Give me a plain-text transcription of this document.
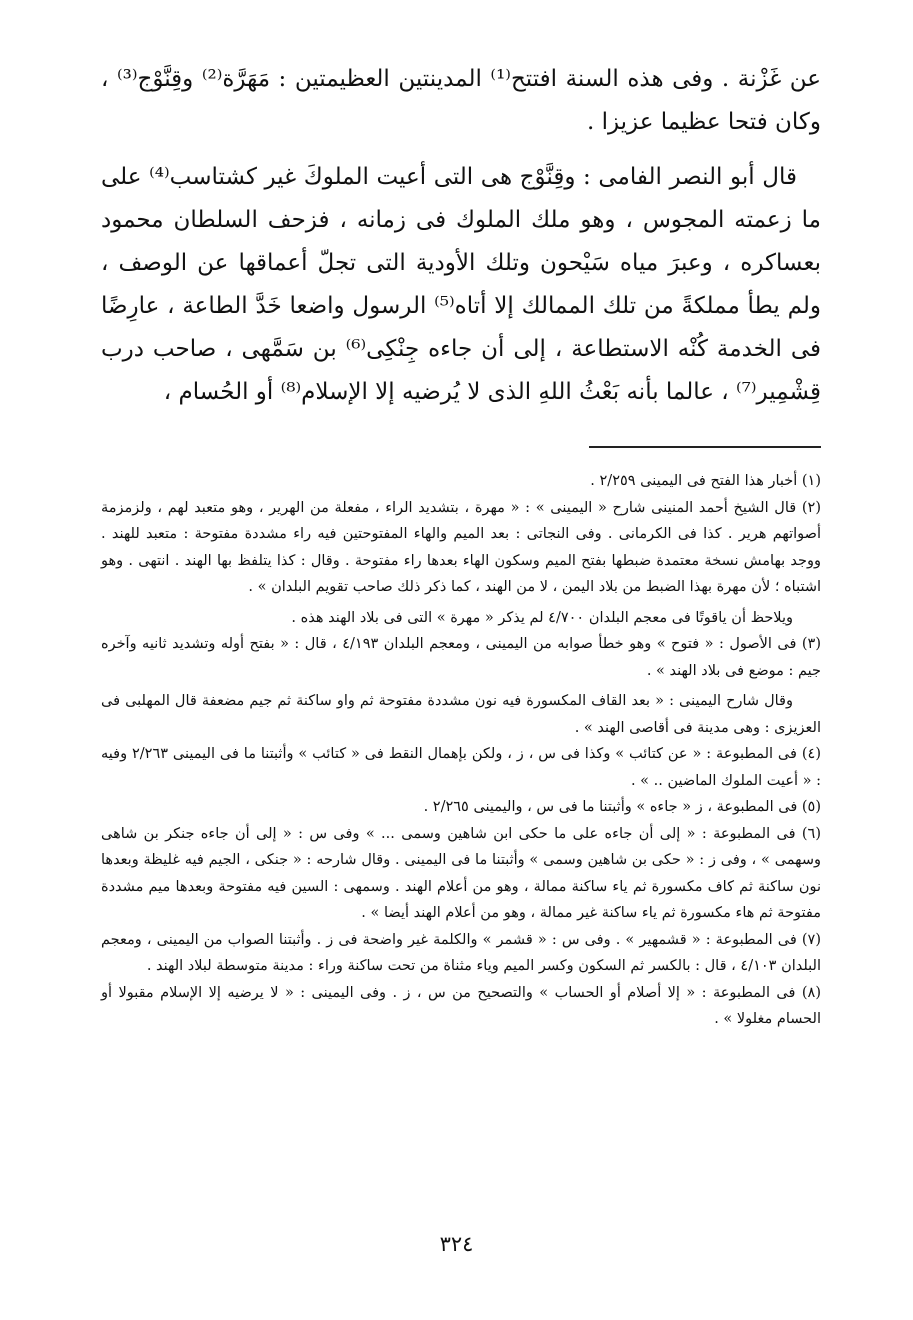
عن غَزْنة . وفى هذه السنة افتتح⁽¹⁾ المدينتين العظيمتين : مَهَرَّة⁽²⁾ وقِنَّوْج⁽³⁾ ، وكان فتحا عظيما عزيزا .

قال أبو النصر الفامى : وقِنَّوْج هى التى أعيت الملوكَ غير كشتاسب⁽⁴⁾ على ما زعمته المجوس ، وهو ملك الملوك فى زمانه ، فزحف السلطان محمود بعساكره ، وعبرَ مياه سَيْحون وتلك الأودية التى تجلّ أعماقها عن الوصف ، ولم يطأ مملكةً من تلك الممالك إلا أتاه⁽⁵⁾ الرسول واضعا خَدَّ الطاعة ، عارِضًا فى الخدمة كُنْه الاستطاعة ، إلى أن جاءه جِنْكِى⁽⁶⁾ بن سَمَّهى ، صاحب درب قِشْمِير⁽⁷⁾ ، عالما بأنه بَعْثُ اللهِ الذى لا يُرضيه إلا الإسلام⁽⁸⁾ أو الحُسام ،

(١) أخبار هذا الفتح فى اليمينى ٢/٢٥٩ .

(٢) قال الشيخ أحمد المنينى شارح « اليمينى » : « مهرة ، بتشديد الراء ، مفعلة من الهرير ، وهو متعبد لهم ، ولزمزمة أصواتهم هرير . كذا فى الكرمانى . وفى النجاتى : بعد الميم والهاء المفتوحتين فيه راء مشددة مفتوحة : متعبد للهند . ووجد بهامش نسخة معتمدة ضبطها بفتح الميم وسكون الهاء بعدها راء مفتوحة . وقال : كذا يتلفظ بها الهند . انتهى . وهو اشتباه ؛ لأن مهرة بهذا الضبط من بلاد اليمن ، لا من الهند ، كما ذكر ذلك صاحب تقويم البلدان » .

ويلاحظ أن ياقوتًا فى معجم البلدان ٤/٧٠٠ لم يذكر « مهرة » التى فى بلاد الهند هذه .

(٣) فى الأصول : « فتوح » وهو خطأ صوابه من اليمينى ، ومعجم البلدان ٤/١٩٣ ، قال : « بفتح أوله وتشديد ثانيه وآخره جيم : موضع فى بلاد الهند » .

وقال شارح اليمينى : « بعد القاف المكسورة فيه نون مشددة مفتوحة ثم واو ساكنة ثم جيم مضعفة قال المهلبى فى العزيزى : وهى مدينة فى أقاصى الهند » .

(٤) فى المطبوعة : « عن كتائب » وكذا فى س ، ز ، ولكن بإهمال النقط فى « كتائب » وأثبتنا ما فى اليمينى ٢/٢٦٣ وفيه : « أعيت الملوك الماضين .. » .

(٥) فى المطبوعة ، ز « جاءه » وأثبتنا ما فى س ، واليمينى ٢/٢٦٥ .

(٦) فى المطبوعة : « إلى أن جاءه على ما حكى ابن شاهين وسمى ... » وفى س : « إلى أن جاءه جنكر بن شاهى وسهمى » ، وفى ز : « حكى بن شاهين وسمى » وأثبتنا ما فى اليمينى . وقال شارحه : « جنكى ، الجيم فيه غليظة وبعدها نون ساكنة ثم كاف مكسورة ثم ياء ساكنة ممالة ، وهو من أعلام الهند . وسمهى : السين فيه مفتوحة وبعدها ميم مشددة مفتوحة ثم هاء مكسورة ثم ياء ساكنة غير ممالة ، وهو من أعلام الهند أيضا » .

(٧) فى المطبوعة : « قشمهير » . وفى س : « قشمر » والكلمة غير واضحة فى ز . وأثبتنا الصواب من اليمينى ، ومعجم البلدان ٤/١٠٣ ، قال : بالكسر ثم السكون وكسر الميم وياء مثناة من تحت ساكنة وراء : مدينة متوسطة لبلاد الهند .

(٨) فى المطبوعة : « إلا أصلام أو الحساب » والتصحيح من س ، ز . وفى اليمينى : « لا يرضيه إلا الإسلام مقبولا أو الحسام مغلولا » .

٣٢٤
